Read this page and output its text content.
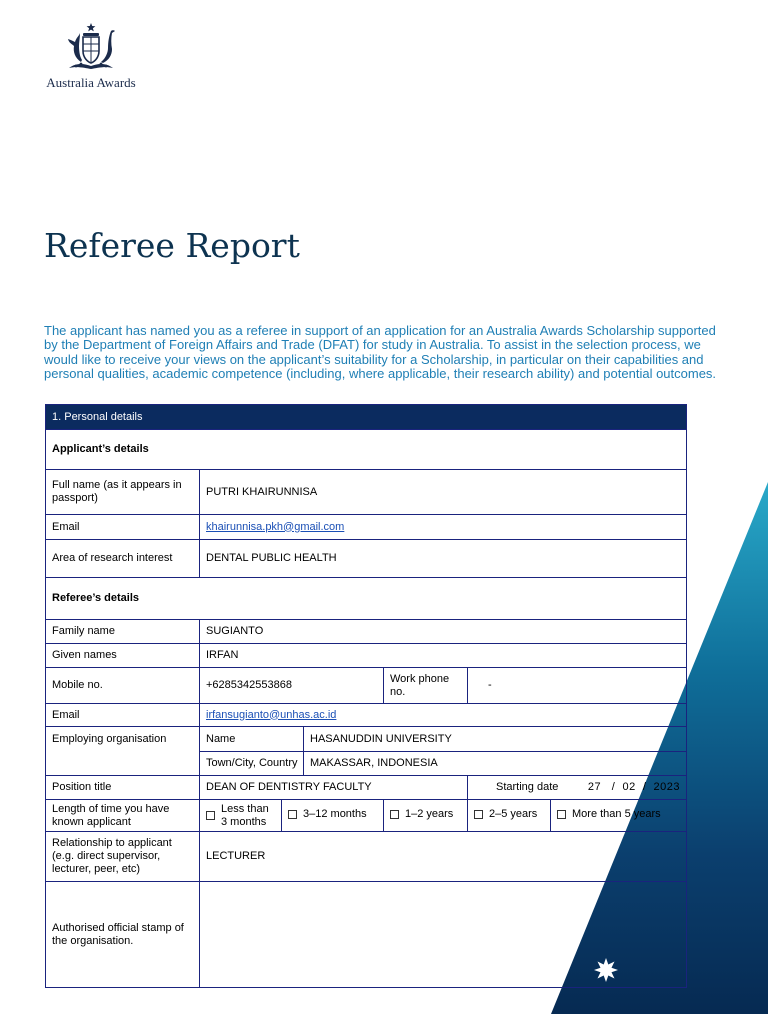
Australia Awards
Referee Report

The applicant has named you as a referee in support of an application for an Australia Awards Scholarship supported by the Department of Foreign Affairs and Trade (DFAT) for study in Australia. To assist in the selection process, we would like to receive your views on the applicant’s suitability for a Scholarship, in particular on their capabilities and personal qualities, academic competence (including, where applicable, their research ability) and potential outcomes.

1. Personal details						
Applicant’s details						
Full name (as it appears in passport)	PUTRI KHAIRUNNISA					
Email	khairunnisa.pkh@gmail.com					
Area of research interest	DENTAL PUBLIC HEALTH					
Referee’s details						
Family name	SUGIANTO					
Given names	IRFAN					
Mobile no.	+6285342553868			Work phone no.	-	
Email	irfansugianto@unhas.ac.id					
Employing organisation	Name		HASANUDDIN UNIVERSITY			
	Town/City, Country		MAKASSAR, INDONESIA			
Position title	DEAN OF DENTISTRY FACULTY				Starting date 27 / 02 / 2023	

Length of time you have known applicant	Less than 3 months	3–12 months		1–2 years	2–5 years	More than 5 years

Relationship to applicant (e.g. direct supervisor, lecturer, peer, etc)	LECTURER					
Authorised official stamp of the organisation.						
